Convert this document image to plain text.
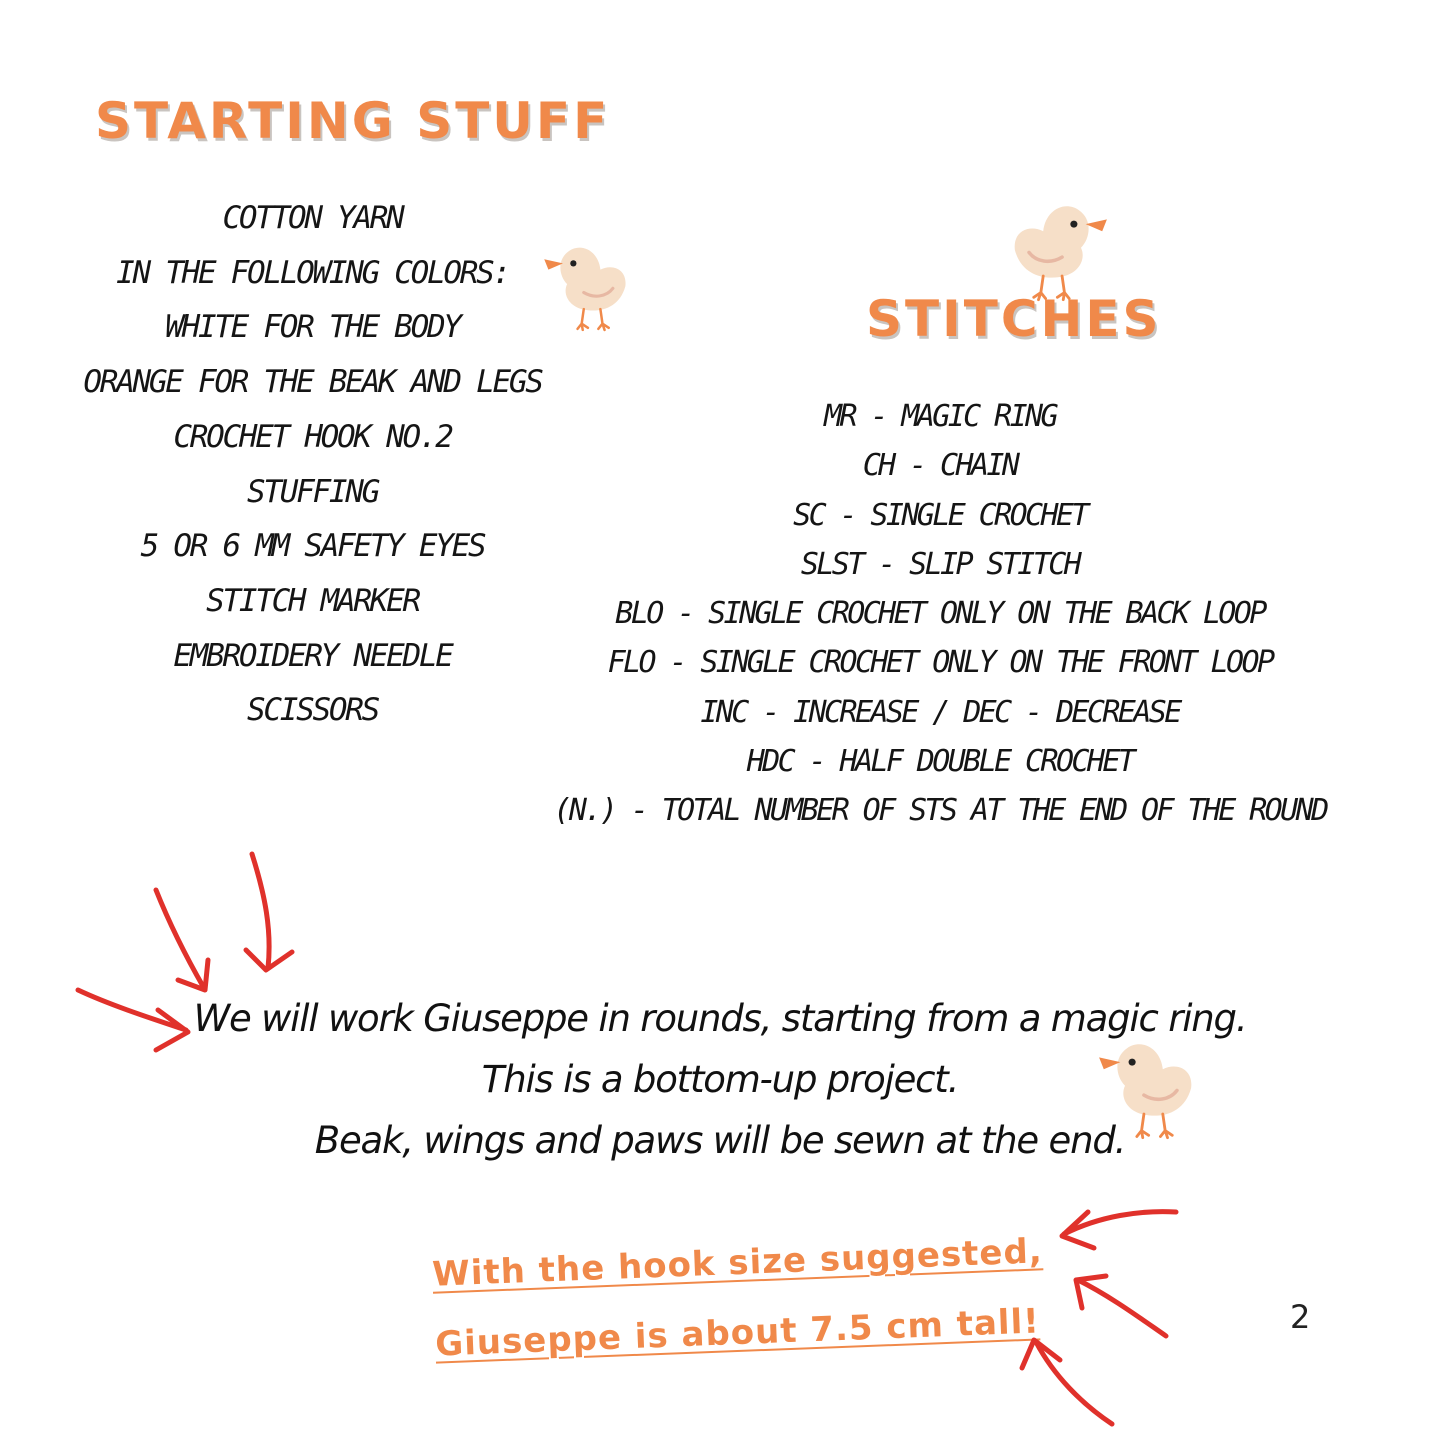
STARTING STUFF
COTTON YARN
IN THE FOLLOWING COLORS:
WHITE FOR THE BODY
ORANGE FOR THE BEAK AND LEGS
CROCHET HOOK NO.2
STUFFING
5 OR 6 MM SAFETY EYES
STITCH MARKER
EMBROIDERY NEEDLE
SCISSORS
STITCHES
MR - MAGIC RING
CH - CHAIN
SC - SINGLE CROCHET
SLST - SLIP STITCH
BLO - SINGLE CROCHET ONLY ON THE BACK LOOP
FLO - SINGLE CROCHET ONLY ON THE FRONT LOOP
INC - INCREASE / DEC - DECREASE
HDC - HALF DOUBLE CROCHET
(N.) - TOTAL NUMBER OF STS AT THE END OF THE ROUND
We will work Giuseppe in rounds, starting from a magic ring.
This is a bottom-up project.
Beak, wings and paws will be sewn at the end.
With the hook size suggested,
Giuseppe is about 7.5 cm tall!	2
